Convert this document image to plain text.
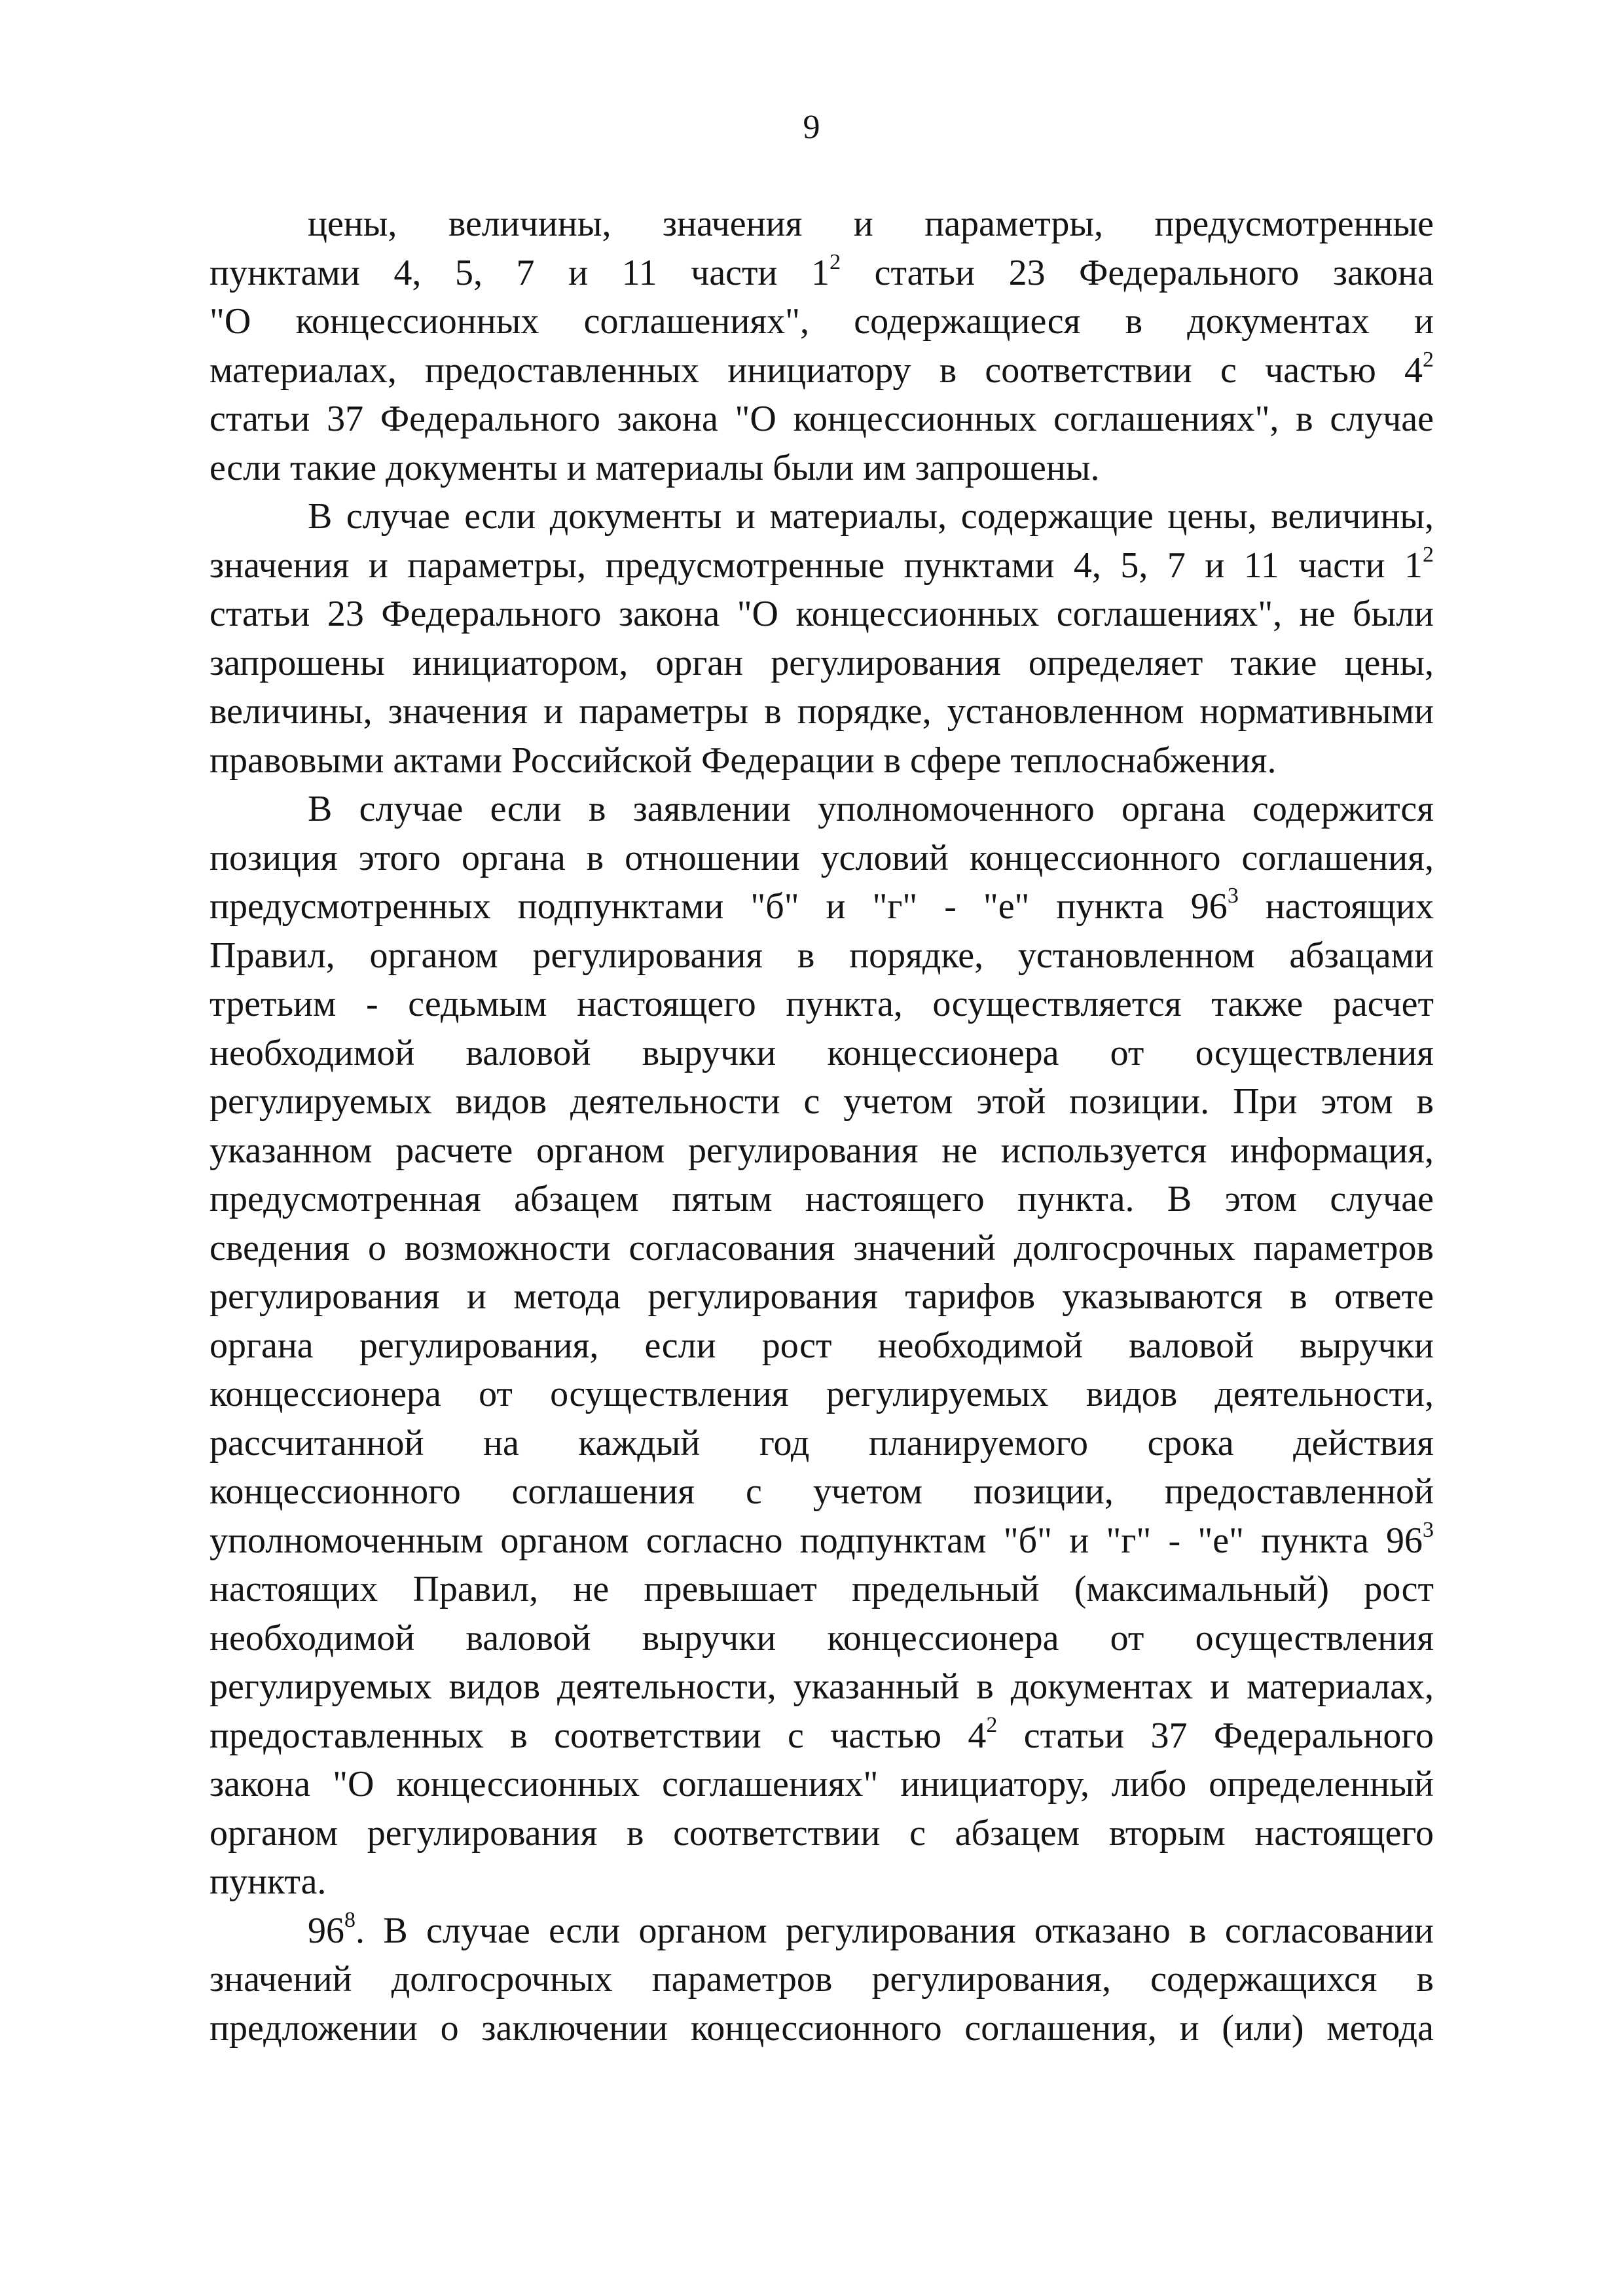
9
цены, величины, значения и параметры, предусмотренные
пунктами 4, 5, 7 и 11 части $1^2$ статьи 23 Федерального закона
"О концессионных соглашениях", содержащиеся в документах и
материалах, предоставленных инициатору в соответствии с частью $4^2$
статьи 37 Федерального закона "О концессионных соглашениях", в случае
если такие документы и материалы были им запрошены.
В случае если документы и материалы, содержащие цены, величины,
значения и параметры, предусмотренные пунктами 4, 5, 7 и 11 части $1^2$
статьи 23 Федерального закона "О концессионных соглашениях", не были
запрошены инициатором, орган регулирования определяет такие цены,
величины, значения и параметры в порядке, установленном нормативными
правовыми актами Российской Федерации в сфере теплоснабжения.
В случае если в заявлении уполномоченного органа содержится
позиция этого органа в отношении условий концессионного соглашения,
предусмотренных подпунктами "б" и "г" - "е" пункта $96^3$ настоящих
Правил, органом регулирования в порядке, установленном абзацами
третьим - седьмым настоящего пункта, осуществляется также расчет
необходимой валовой выручки концессионера от осуществления
регулируемых видов деятельности с учетом этой позиции. При этом в
указанном расчете органом регулирования не используется информация,
предусмотренная абзацем пятым настоящего пункта. В этом случае
сведения о возможности согласования значений долгосрочных параметров
регулирования и метода регулирования тарифов указываются в ответе
органа регулирования, если рост необходимой валовой выручки
концессионера от осуществления регулируемых видов деятельности,
рассчитанной на каждый год планируемого срока действия
концессионного соглашения с учетом позиции, предоставленной
уполномоченным органом согласно подпунктам "б" и "г" - "е" пункта $96^3$
настоящих Правил, не превышает предельный (максимальный) рост
необходимой валовой выручки концессионера от осуществления
регулируемых видов деятельности, указанный в документах и материалах,
предоставленных в соответствии с частью $4^2$ статьи 37 Федерального
закона "О концессионных соглашениях" инициатору, либо определенный
органом регулирования в соответствии с абзацем вторым настоящего
пункта.
$96^8$. В случае если органом регулирования отказано в согласовании
значений долгосрочных параметров регулирования, содержащихся в
предложении о заключении концессионного соглашения, и (или) метода
